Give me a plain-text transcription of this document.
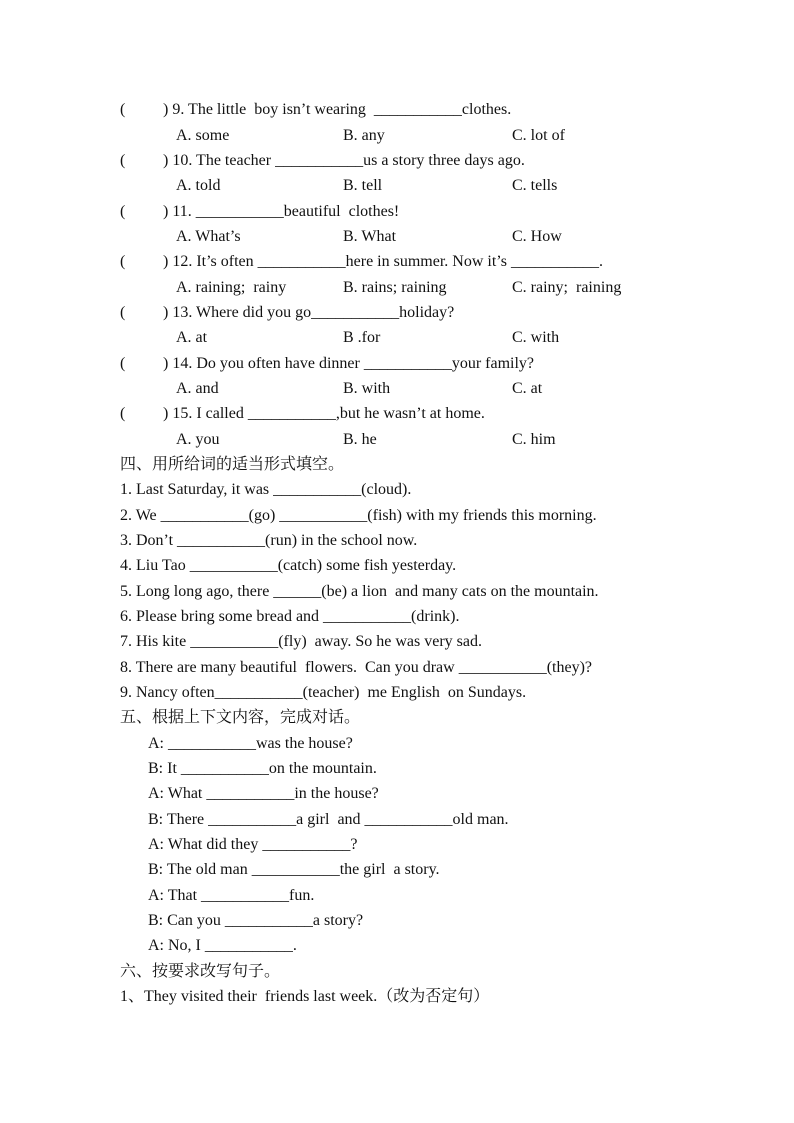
( ) 9. The little  boy isn’t wearing  ___________clothes.
A. some	B. any	C. lot of
( ) 10. The teacher ___________us a story three days ago.
A. told	B. tell	C. tells
( ) 11. ___________beautiful  clothes!
A. What’s	B. What	C. How
( ) 12. It’s often ___________here in summer. Now it’s ___________.
A. raining;  rainy	B. rains; raining	C. rainy;  raining
( ) 13. Where did you go___________holiday?
A. at	B .for	C. with
( ) 14. Do you often have dinner ___________your family?
A. and	B. with	C. at
( ) 15. I called ___________,but he wasn’t at home.
A. you	B. he	C. him
四、用所给词的适当形式填空。
1. Last Saturday, it was ___________(cloud).
2. We ___________(go) ___________(fish) with my friends this morning.
3. Don’t ___________(run) in the school now.
4. Liu Tao ___________(catch) some fish yesterday.
5. Long long ago, there ______(be) a lion  and many cats on the mountain.
6. Please bring some bread and ___________(drink).
7. His kite ___________(fly)  away. So he was very sad.
8. There are many beautiful  flowers.  Can you draw ___________(they)?
9. Nancy often___________(teacher)  me English  on Sundays.
五、根据上下文内容，完成对话。
A: ___________was the house?
B: It ___________on the mountain.
A: What ___________in the house?
B: There ___________a girl  and ___________old man.
A: What did they ___________?
B: The old man ___________the girl  a story.
A: That ___________fun.
B: Can you ___________a story?
A: No, I ___________.
六、按要求改写句子。
1、They visited their  friends last week.（改为否定句）
